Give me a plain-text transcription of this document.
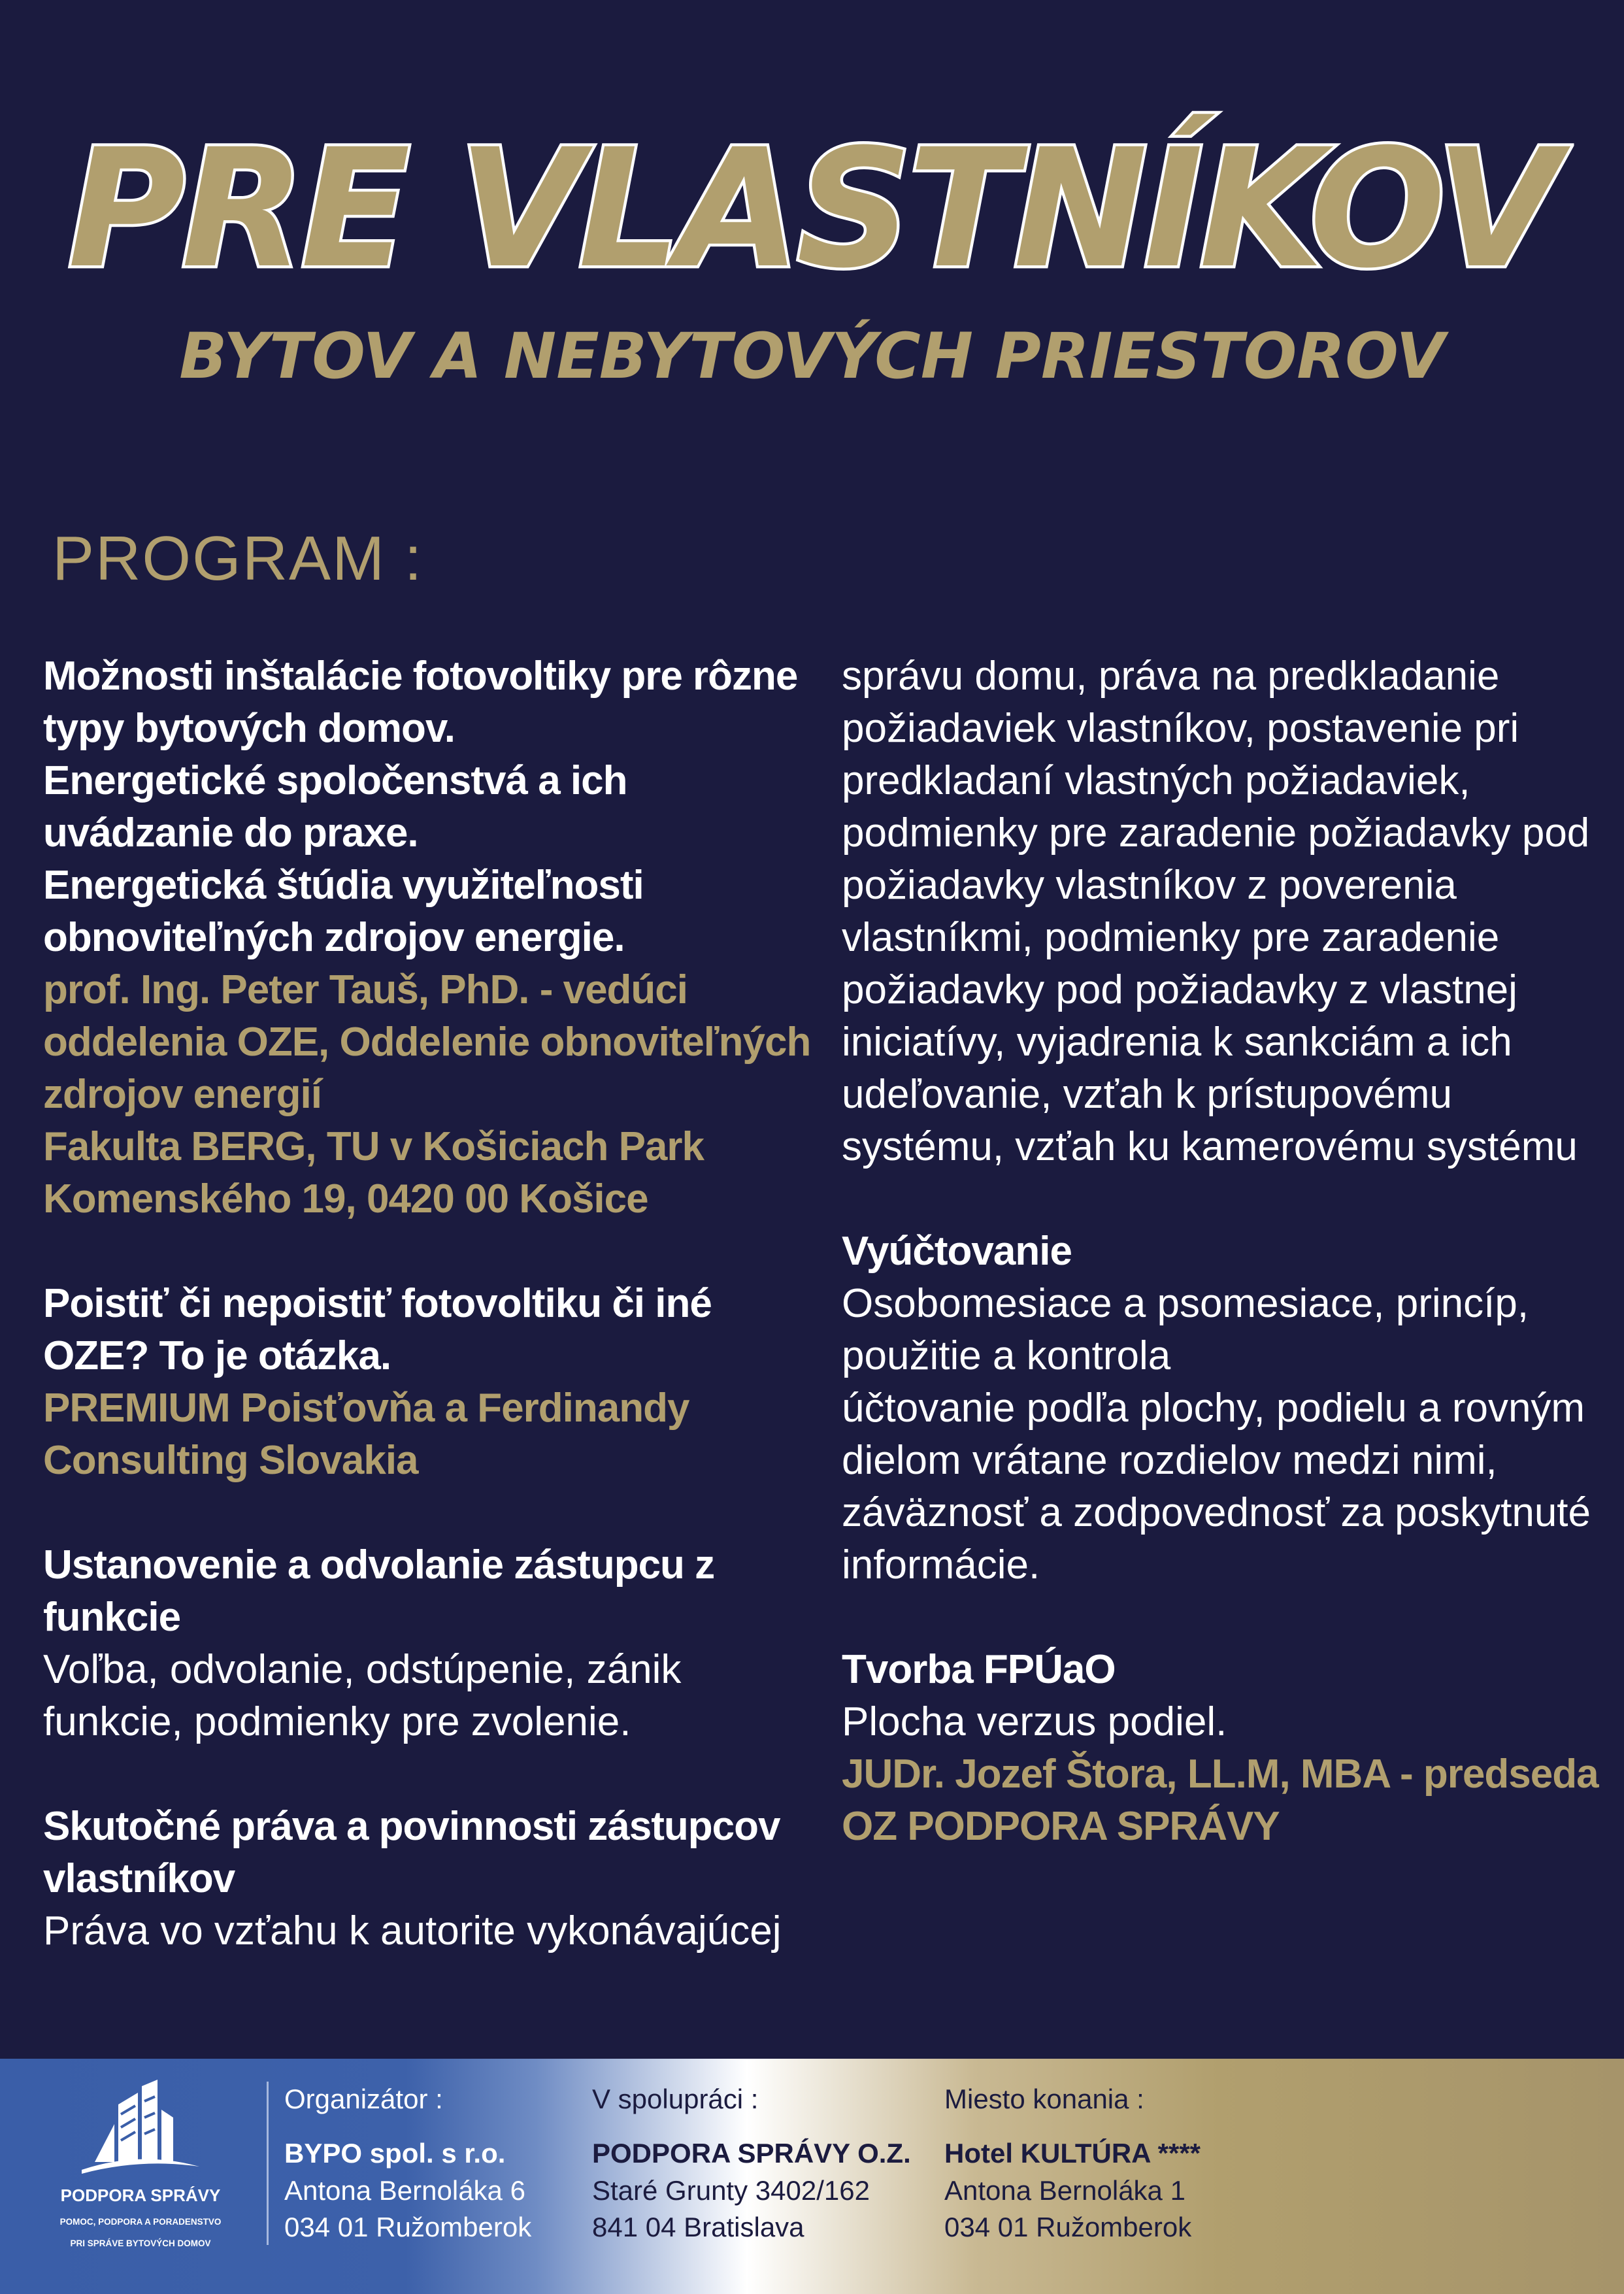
PRE VLASTNÍKOV
BYTOV A NEBYTOVÝCH PRIESTOROV
PROGRAM :

Možnosti inštalácie fotovoltiky pre rôzne typy bytových domov.

Energetické spoločenstvá a ich uvádzanie do praxe.

Energetická štúdia využiteľnosti obnoviteľných zdrojov energie.

prof. Ing. Peter Tauš, PhD. - vedúci oddelenia OZE, Oddelenie obnoviteľných zdrojov energií

Fakulta BERG, TU v Košiciach Park Komenského 19, 0420 00 Košice

Poistiť či nepoistiť fotovoltiku či iné OZE? To je otázka.

PREMIUM Poisťovňa a Ferdinandy Consulting Slovakia

Ustanovenie a odvolanie zástupcu z funkcie

Voľba, odvolanie, odstúpenie, zánik funkcie, podmienky pre zvolenie.

Skutočné práva a povinnosti zástupcov vlastníkov

Práva vo vzťahu k autorite vykonávajúcej

správu domu, práva na predkladanie požiadaviek vlastníkov, postavenie pri predkladaní vlastných požiadaviek, podmienky pre zaradenie požiadavky pod požiadavky vlastníkov z poverenia vlastníkmi, podmienky pre zaradenie požiadavky pod požiadavky z vlastnej iniciatívy, vyjadrenia k sankciám a ich udeľovanie, vzťah k prístupovému systému, vzťah ku kamerovému systému

Vyúčtovanie

Osobomesiace a psomesiace, princíp, použitie a kontrola

účtovanie podľa plochy, podielu a rovným dielom vrátane rozdielov medzi nimi, záväznosť a zodpovednosť za poskytnuté informácie.

Tvorba FPÚaO

Plocha verzus podiel.

JUDr. Jozef Štora, LL.M, MBA - predseda OZ PODPORA SPRÁVY

PODPORA SPRÁVY
POMOC, PODPORA A PORADENSTVO
PRI SPRÁVE BYTOVÝCH DOMOV
Organizátor :
BYPO spol. s r.o.
Antona Bernoláka 6
034 01 Ružomberok
V spolupráci :
PODPORA SPRÁVY O.Z.
Staré Grunty 3402/162
841 04 Bratislava
Miesto konania :
Hotel KULTÚRA ****
Antona Bernoláka 1
034 01 Ružomberok
